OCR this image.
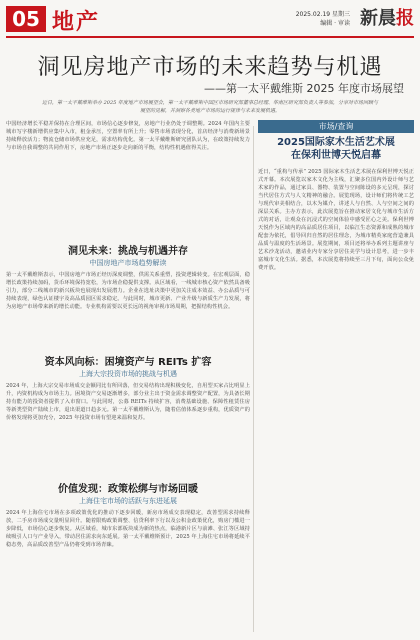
05 地产	2025.02.19 星期三
编辑 · 审读 新晨报
洞见房地产市场的未来趋势与机遇
——第一太平戴维斯 2025 年度市场展望
近日，第一太平戴维斯举办 2025 年度地产市场展望会，第一太平戴维斯中国区市场研究部董事总经理、华南区研究部负责人等参加，分享对市场回顾与展望的见解，并洞察各类地产市场的运行规律与未来发展机遇。
中国经济增长平稳并保持在合理区间，市场信心逐步修复，房地产行业仍处于调整期。2024 年国内主要城市写字楼新增供应集中入市，租金承压，空置率有所上升；零售市场表现分化，首店经济与消费新场景持续释放活力；物流仓储市场供应充足，需求结构优化。第一太平戴维斯研究团队认为，在政策持续发力与市场自我调整的共同作用下，房地产市场正逐步走向新的平衡，结构性机遇值得关注。
洞见未来：挑战与机遇并存
中国房地产市场趋势解读
第一太平戴维斯表示，中国房地产市场正经历深度调整，供需关系重塑，投资逻辑转变。在宏观层面，稳增长政策持续加码，货币环境保持宽松，为市场企稳提供支撑。从区域看，一线城市核心资产依然具备吸引力，部分二线城市的新兴板块也展现出发展潜力。企业在选址决策中更加关注成本效益、办公品质与可持续表现，绿色认证楼宇及高品质园区需求稳定。与此同时，城市更新、产业升级与新质生产力发展，将为房地产市场带来新的增长动能。专业机构需要以更长远的视角审视市场周期，把握结构性机会。
资本风向标：困境资产与 REITs 扩容
上海大宗投资市场的挑战与机遇
2024 年，上海大宗交易市场成交金额同比有所回落，但交易结构出现积极变化，自用型买家占比明显上升，内资机构成为市场主力。困境资产交易逐渐增多，部分业主出于资金需求调整资产配置，为具备长期持有能力的投资者提供了入市窗口。与此同时，公募 REITs 持续扩容，消费基础设施、保障性租赁住房等新类型资产陆续上市，退出渠道日趋多元。第一太平戴维斯认为，随着估值体系逐步重构，优质资产的价格发现将更加充分，2025 年投资市场有望迎来温和复苏。
价值发现：政策松绑与市场回暖
上海住宅市场的活跃与东进延展
2024 年上海住宅市场在多项政策优化的推动下逐步回暖，新房市场成交表现稳定，改善型需求持续释放，二手房市场成交量明显回升。随着限购政策调整、信贷利率下行以及公积金政策优化，购房门槛进一步降低，市场信心逐步恢复。从区域看，城市东部板块成为新的热点，临港新片区与前滩、张江等区域持续吸引人口与产业导入，带动居住需求向东延展。第一太平戴维斯预计，2025 年上海住宅市场将延续平稳态势，高品质改善型产品仍将受到市场青睐。
市场/查询
2025国际家木生活艺术展
在保利世博天悦启幕
近日，“重构与传承” 2025 国际家木生活艺术展在保利世博天悦正式开幕。本次展览以家木文化为主线，汇聚多位国内外设计师与艺术家的作品，通过家具、器物、装置与空间陈设的多元呈现，探讨当代居住方式与人文精神的融合。展览现场，设计师们将传统工艺与现代审美相结合，以木为媒介，讲述人与自然、人与空间之间的深层关系。主办方表示，此次展览旨在推动家居文化与城市生活方式的对话，让观众在沉浸式的空间体验中感受匠心之美。保利世博天悦作为区域内的高品质居住项目，以临江生态资源和成熟的城市配套为依托，倡导回归自然的居住理念，为城市精英家庭营造兼具品质与温度的生活场景。展览期间，项目还将举办系列主题讲座与艺术沙龙活动，邀请业内专家分享居住美学与设计思考，进一步丰富城市文化生活。据悉，本次展览将持续至三月下旬，面向公众免费开放。
